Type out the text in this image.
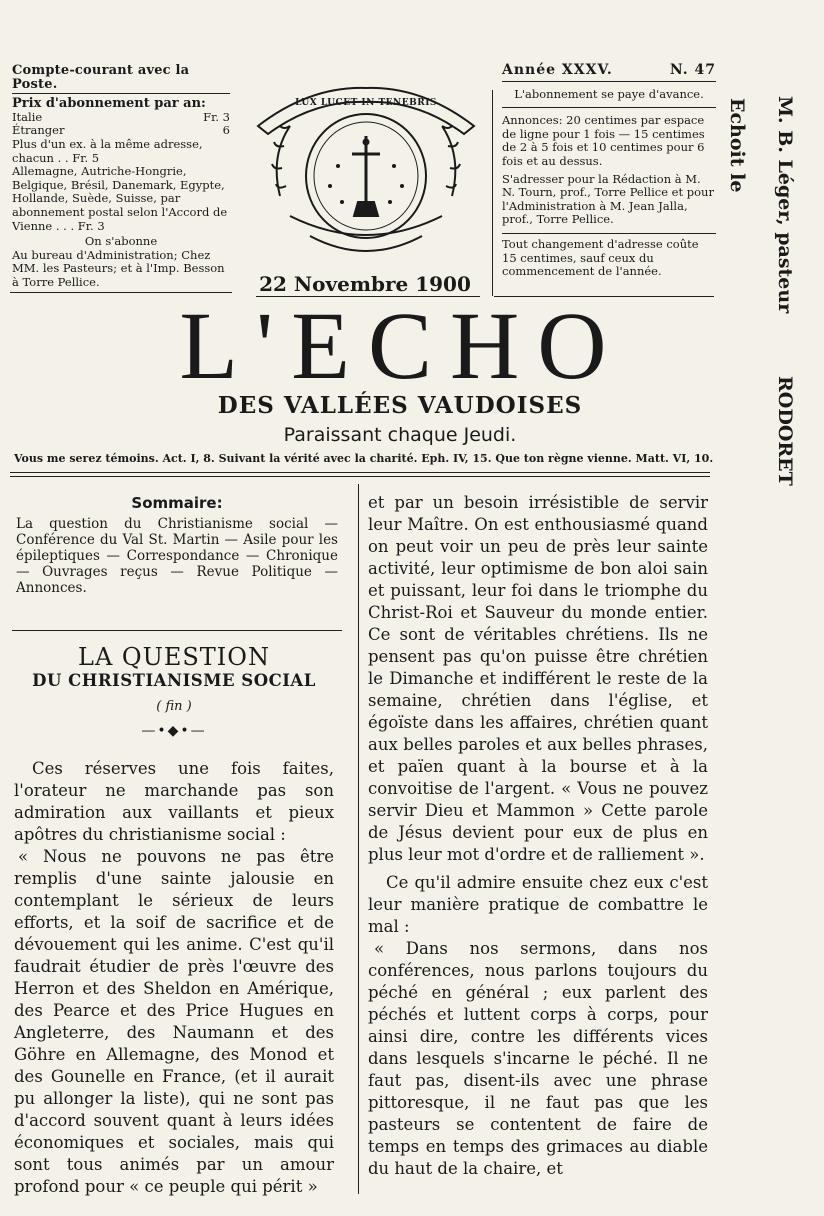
Compte-courant avec la Poste.
Prix d'abonnement par an:
Italie	Fr. 3
Étranger	6
Plus d'un ex. à la même adresse, chacun . . Fr. 5
Allemagne, Autriche-Hongrie, Belgique, Brésil, Danemark, Egypte, Hollande, Suède, Suisse, par abonnement postal selon l'Accord de Vienne . . . Fr. 3
On s'abonne
Au bureau d'Administration; Chez MM. les Pasteurs; et à l'Imp. Besson à Torre Pellice.
LUX LUCET IN TENEBRIS
22 Novembre 1900
Année XXXV.	N. 47
L'abonnement se paye d'avance.
Annonces: 20 centimes par espace de ligne pour 1 fois — 15 centimes de 2 à 5 fois et 10 centimes pour 6 fois et au dessus.
S'adresser pour la Rédaction à M. N. Tourn, prof., Torre Pellice et pour l'Administration à M. Jean Jalla, prof., Torre Pellice.
Tout changement d'adresse coûte 15 centimes, sauf ceux du commencement de l'année.
Echoit le M. B. Léger, pasteur
RODORET
L'ECHO
DES VALLÉES VAUDOISES
Paraissant chaque Jeudi.
Vous me serez témoins. Act. I, 8. Suivant la vérité avec la charité. Eph. IV, 15. Que ton règne vienne. Matt. VI, 10.
Sommaire:
La question du Christianisme social — Conférence du Val St. Martin — Asile pour les épileptiques — Correspondance — Chronique — Ouvrages reçus — Revue Politique — Annonces.
LA QUESTION
DU CHRISTIANISME SOCIAL
( fin )
—•◆•—

Ces réserves une fois faites, l'orateur ne marchande pas son admiration aux vaillants et pieux apôtres du christianisme social :

« Nous ne pouvons ne pas être remplis d'une sainte jalousie en contemplant le sérieux de leurs efforts, et la soif de sacrifice et de dévouement qui les anime. C'est qu'il faudrait étudier de près l'œuvre des Herron et des Sheldon en Amérique, des Pearce et des Price Hugues en Angleterre, des Naumann et des Göhre en Allemagne, des Monod et des Gounelle en France, (et il aurait pu allonger la liste), qui ne sont pas d'accord souvent quant à leurs idées économiques et sociales, mais qui sont tous animés par un amour profond pour « ce peuple qui périt »

et par un besoin irrésistible de servir leur Maître. On est enthousiasmé quand on peut voir un peu de près leur sainte activité, leur optimisme de bon aloi sain et puissant, leur foi dans le triomphe du Christ-Roi et Sauveur du monde entier. Ce sont de véritables chrétiens. Ils ne pensent pas qu'on puisse être chrétien le Dimanche et indifférent le reste de la semaine, chrétien dans l'église, et égoïste dans les affaires, chrétien quant aux belles paroles et aux belles phrases, et païen quant à la bourse et à la convoitise de l'argent. « Vous ne pouvez servir Dieu et Mammon » Cette parole de Jésus devient pour eux de plus en plus leur mot d'ordre et de ralliement ».

Ce qu'il admire ensuite chez eux c'est leur manière pratique de combattre le mal :

« Dans nos sermons, dans nos conférences, nous parlons toujours du péché en général ; eux parlent des péchés et luttent corps à corps, pour ainsi dire, contre les différents vices dans lesquels s'incarne le péché. Il ne faut pas, disent-ils avec une phrase pittoresque, il ne faut pas que les pasteurs se contentent de faire de temps en temps des grimaces au diable du haut de la chaire, et
